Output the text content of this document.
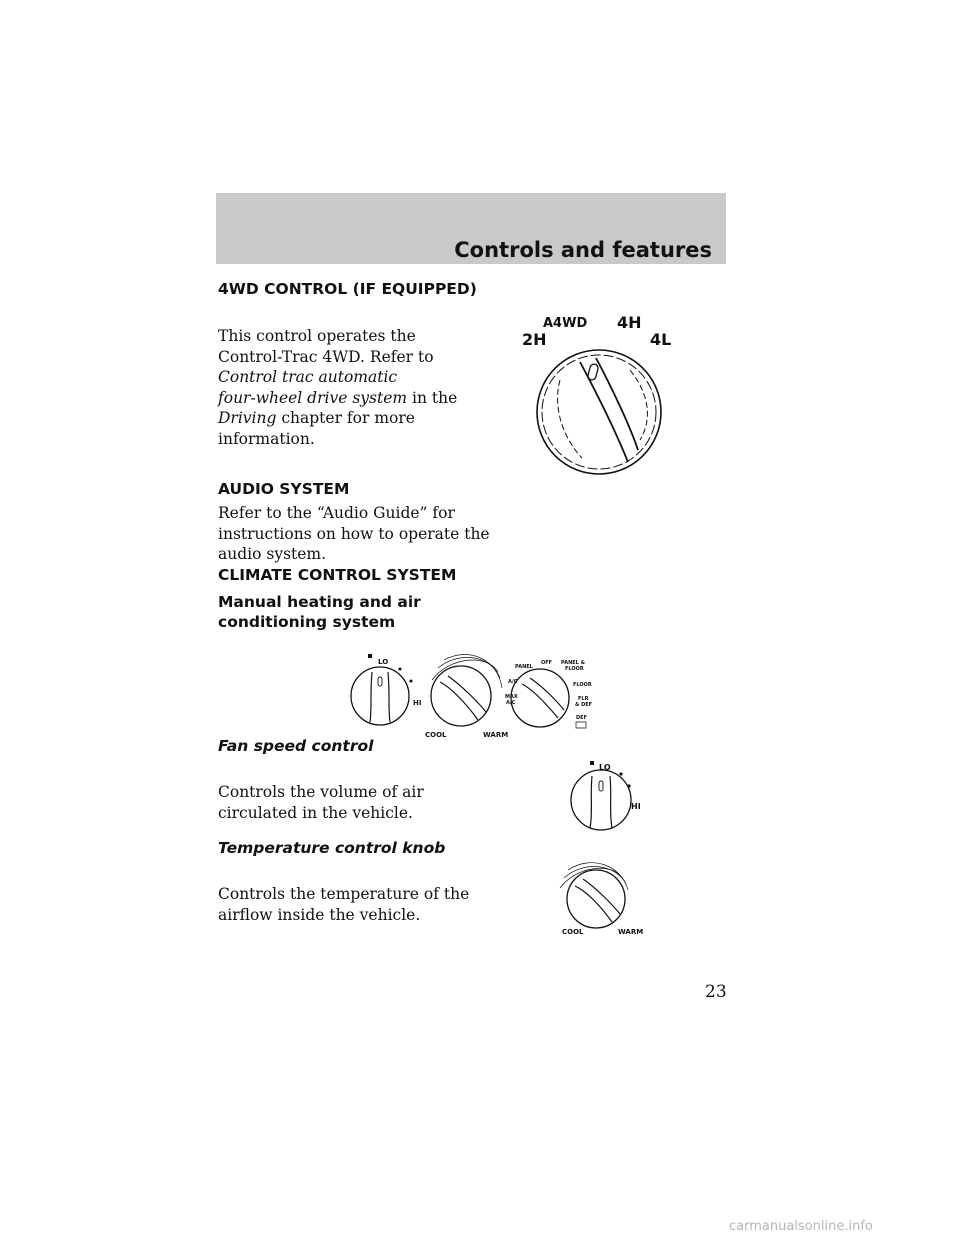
Controls and features
4WD CONTROL (IF EQUIPPED)

This control operates the
Control-Trac 4WD. Refer to
Control trac automatic
four-wheel drive system in the
Driving chapter for more
information.

A4WD 4H
2H	4L
AUDIO SYSTEM

Refer to the “Audio Guide” for
instructions on how to operate the
audio system.

CLIMATE CONTROL SYSTEM
Manual heating and air
conditioning system
LO
HI
COOL	WARM
PANEL
OFF PANEL &
FLOOR
A/C	FLOOR
MAX
A/C
FLR
& DEF
DEF
Fan speed control

Controls the volume of air
circulated in the vehicle.

LO
HI
Temperature control knob

Controls the temperature of the
airflow inside the vehicle.

COOL	WARM
23
carmanualsonline.info
